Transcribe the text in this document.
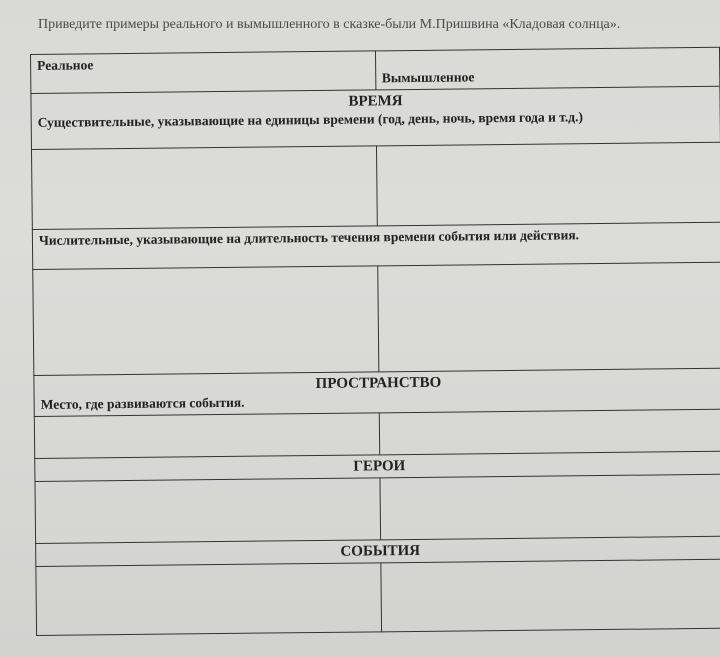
Приведите примеры реального и вымышленного в сказке-были М.Пришвина «Кладовая солнца».
Реальное	Вымышленное

ВРЕМЯ
Существительные, указывающие на единицы времени (год, день, ночь, время года и т.д.)	

Числительные, указывающие на длительность течения времени события или действия.	

ПРОСТРАНСТВО
Место, где развиваются события.	

ГЕРОИ	

СОБЫТИЯ	
